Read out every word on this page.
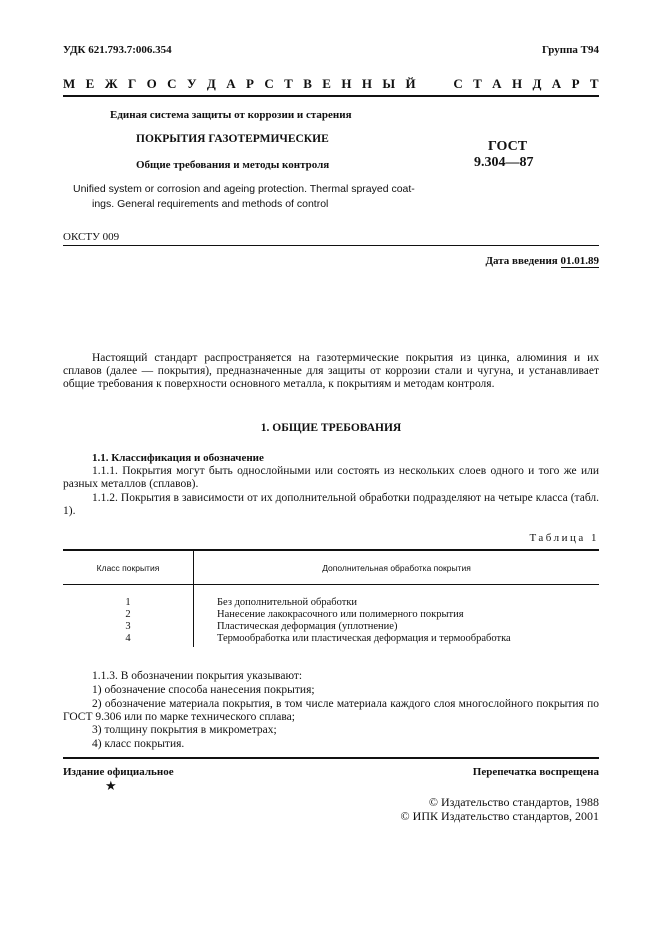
УДК 621.793.7:006.354	Группа Т94
М Е Ж Г О С У Д А Р С Т В Е Н Н Ы Й

	С Т А Н Д А Р Т
Единая система защиты от коррозии и старения
ПОКРЫТИЯ ГАЗОТЕРМИЧЕСКИЕ
Общие требования и методы контроля
ГОСТ
9.304—87
Unified system or corrosion and ageing protection. Thermal sprayed coat-
ings. General requirements and methods of control
ОКСТУ 009
Дата введения 01.01.89
Настоящий стандарт распространяется на газотермические покрытия из цинка, алюминия и их сплавов (далее — покрытия), предназначенные для защиты от коррозии стали и чугуна, и устанавливает общие требования к поверхности основного металла, к покрытиям и методам контроля.
1. ОБЩИЕ ТРЕБОВАНИЯ
1.1. Классификация и обозначение
1.1.1. Покрытия могут быть однослойными или состоять из нескольких слоев одного и того же или разных металлов (сплавов).
1.1.2. Покрытия в зависимости от их дополнительной обработки подразделяют на четыре класса (табл. 1).
Таблица 1
Класс покрытия	Дополнительная обработка покрытия
1	Без дополнительной обработки
2	Нанесение лакокрасочного или полимерного покрытия
3	Пластическая деформация (уплотнение)
4	Термообработка или пластическая деформация и термообработка
1.1.3. В обозначении покрытия указывают:
1) обозначение способа нанесения покрытия;
2) обозначение материала покрытия, в том числе материала каждого слоя многослойного покрытия по ГОСТ 9.306 или по марке технического сплава;
3) толщину покрытия в микрометрах;
4) класс покрытия.
Издание официальное	Перепечатка воспрещена
★
© Издательство стандартов, 1988
© ИПК Издательство стандартов, 2001
